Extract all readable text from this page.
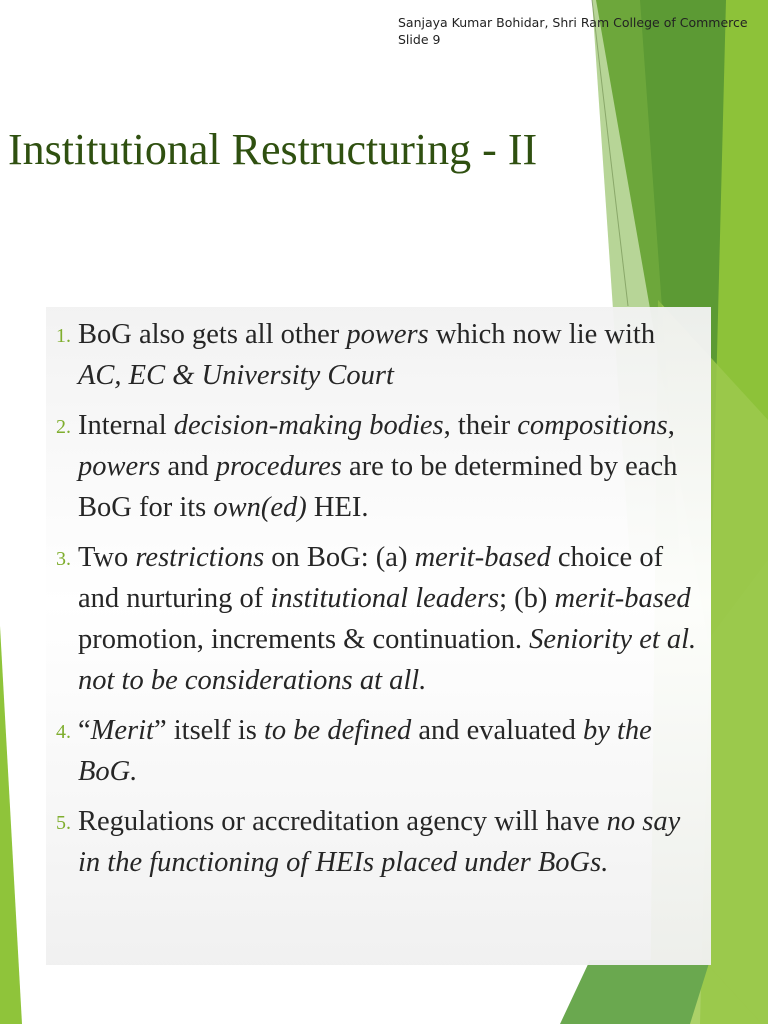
Sanjaya Kumar Bohidar, Shri Ram College of Commerce
Slide 9
Institutional Restructuring - II
1. BoG also gets all other powers which now lie with AC, EC & University Court
2. Internal decision-making bodies, their compositions, powers and procedures are to be determined by each BoG for its own(ed) HEI.
3. Two restrictions on BoG: (a) merit-based choice of and nurturing of institutional leaders; (b) merit-based promotion, increments & continuation. Seniority et al. not to be considerations at all.
4. “Merit” itself is to be defined and evaluated by the BoG.
5. Regulations or accreditation agency will have no say in the functioning of HEIs placed under BoGs.
